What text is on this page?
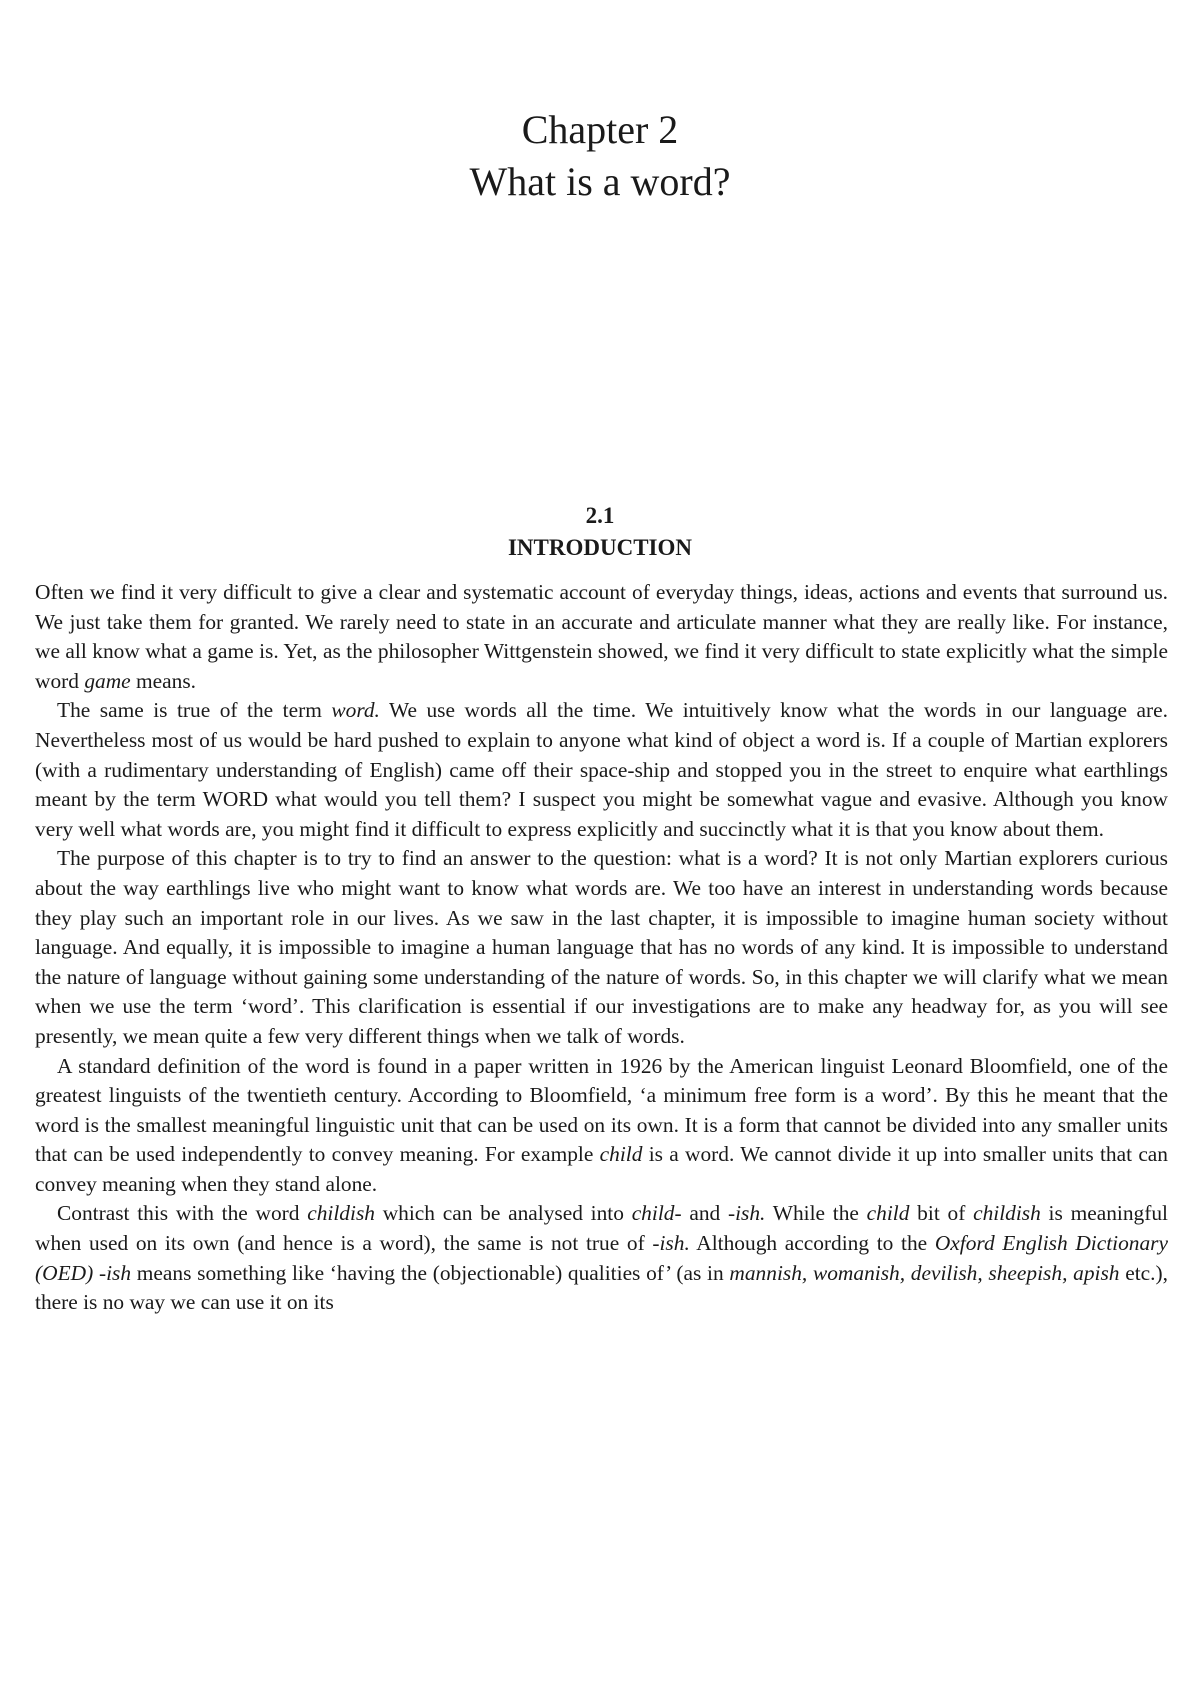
Chapter 2
What is a word?
2.1
INTRODUCTION

Often we find it very difficult to give a clear and systematic account of everyday things, ideas, actions and events that surround us. We just take them for granted. We rarely need to state in an accurate and articulate manner what they are really like. For instance, we all know what a game is. Yet, as the philosopher Wittgenstein showed, we find it very difficult to state explicitly what the simple word game means.

The same is true of the term word. We use words all the time. We intuitively know what the words in our language are. Nevertheless most of us would be hard pushed to explain to anyone what kind of object a word is. If a couple of Martian explorers (with a rudimentary understanding of English) came off their space-ship and stopped you in the street to enquire what earthlings meant by the term WORD what would you tell them? I suspect you might be somewhat vague and evasive. Although you know very well what words are, you might find it difficult to express explicitly and succinctly what it is that you know about them.

The purpose of this chapter is to try to find an answer to the question: what is a word? It is not only Martian explorers curious about the way earthlings live who might want to know what words are. We too have an interest in understanding words because they play such an important role in our lives. As we saw in the last chapter, it is impossible to imagine human society without language. And equally, it is impossible to imagine a human language that has no words of any kind. It is impossible to understand the nature of language without gaining some understanding of the nature of words. So, in this chapter we will clarify what we mean when we use the term ‘word’. This clarification is essential if our investigations are to make any headway for, as you will see presently, we mean quite a few very different things when we talk of words.

A standard definition of the word is found in a paper written in 1926 by the American linguist Leonard Bloomfield, one of the greatest linguists of the twentieth century. According to Bloomfield, ‘a minimum free form is a word’. By this he meant that the word is the smallest meaningful linguistic unit that can be used on its own. It is a form that cannot be divided into any smaller units that can be used independently to convey meaning. For example child is a word. We cannot divide it up into smaller units that can convey meaning when they stand alone.

Contrast this with the word childish which can be analysed into child- and -ish. While the child bit of childish is meaningful when used on its own (and hence is a word), the same is not true of -ish. Although according to the Oxford English Dictionary (OED) -ish means something like ‘having the (objectionable) qualities of’ (as in mannish, womanish, devilish, sheepish, apish etc.), there is no way we can use it on its
